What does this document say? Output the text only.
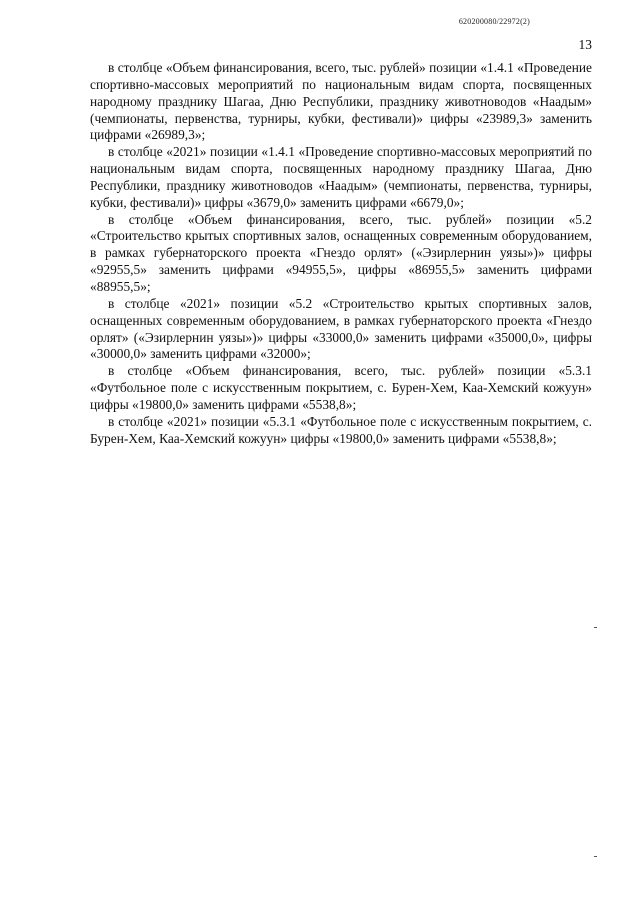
620200080/22972(2)
13

в столбце «Объем финансирования, всего, тыс. рублей» позиции «1.4.1 «Проведение спортивно-массовых мероприятий по национальным видам спорта, посвященных народному празднику Шагаа, Дню Республики, празднику животноводов «Наадым» (чемпионаты, первенства, турниры, кубки, фестивали)» цифры «23989,3» заменить цифрами «26989,3»;

в столбце «2021» позиции «1.4.1 «Проведение спортивно-массовых мероприятий по национальным видам спорта, посвященных народному празднику Шагаа, Дню Республики, празднику животноводов «Наадым» (чемпионаты, первенства, турниры, кубки, фестивали)» цифры «3679,0» заменить цифрами «6679,0»;

в столбце «Объем финансирования, всего, тыс. рублей» позиции «5.2 «Строительство крытых спортивных залов, оснащенных современным оборудованием, в рамках губернаторского проекта «Гнездо орлят» («Эзирлернин уязы»)» цифры «92955,5» заменить цифрами «94955,5», цифры «86955,5» заменить цифрами «88955,5»;

в столбце «2021» позиции «5.2 «Строительство крытых спортивных залов, оснащенных современным оборудованием, в рамках губернаторского проекта «Гнездо орлят» («Эзирлернин уязы»)» цифры «33000,0» заменить цифрами «35000,0», цифры «30000,0» заменить цифрами «32000»;

в столбце «Объем финансирования, всего, тыс. рублей» позиции «5.3.1 «Футбольное поле с искусственным покрытием, с. Бурен-Хем, Каа-Хемский кожуун» цифры «19800,0» заменить цифрами «5538,8»;

в столбце «2021» позиции «5.3.1 «Футбольное поле с искусственным покрытием, с. Бурен-Хем, Каа-Хемский кожуун» цифры «19800,0» заменить цифрами «5538,8»;
